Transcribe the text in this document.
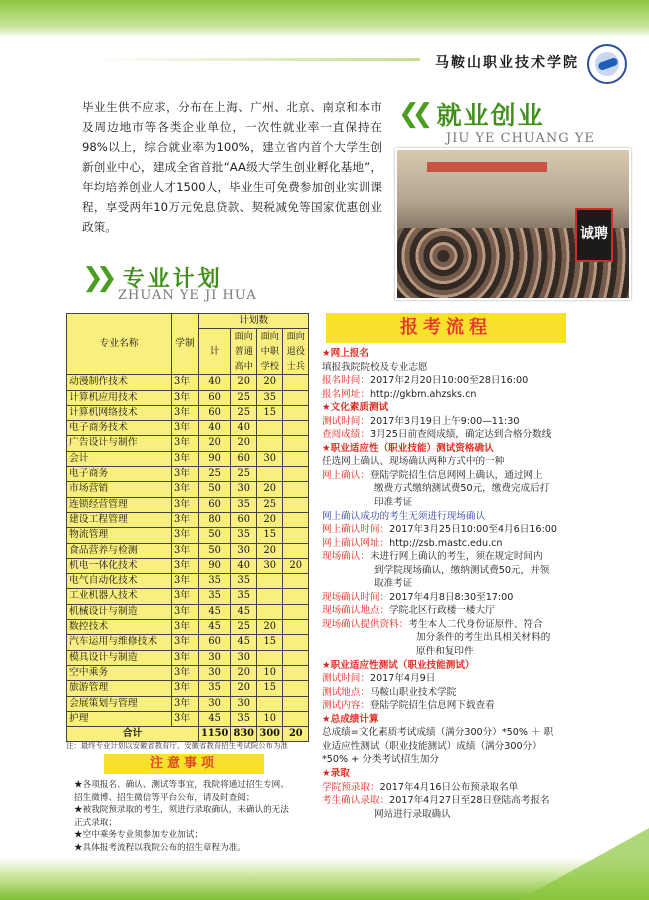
马鞍山职业技术学院
毕业生供不应求，分布在上海、广州、北京、南京和本市及周边地市等各类企业单位，一次性就业率一直保持在98%以上，综合就业率为100%，建立省内首个大学生创新创业中心，建成全省首批“AA级大学生创业孵化基地”，年均培养创业人才1500人，毕业生可免费参加创业实训课程，享受两年10万元免息贷款、契税减免等国家优惠创业政策。
❮❮ 就业创业
JIU YE CHUANG YE
诚聘
❯❯ 专业计划
ZHUAN YE JI HUA
专业名称	学制	计划数			
		计	面向普通高中	面向中职学校	面向退役士兵
动漫制作技术	3年	40	20	20	
计算机应用技术	3年	60	25	35	
计算机网络技术	3年	60	25	15	
电子商务技术	3年	40	40		
广告设计与制作	3年	20	20		
会计	3年	90	60	30	
电子商务	3年	25	25		
市场营销	3年	50	30	20	
连锁经营管理	3年	60	35	25	
建设工程管理	3年	80	60	20	
物流管理	3年	50	35	15	
食品营养与检测	3年	50	30	20	
机电一体化技术	3年	90	40	30	20
电气自动化技术	3年	35	35		
工业机器人技术	3年	35	35		
机械设计与制造	3年	45	45		
数控技术	3年	45	25	20	
汽车运用与维修技术	3年	60	45	15	
模具设计与制造	3年	30	30		
空中乘务	3年	30	20	10	
旅游管理	3年	35	20	15	
会展策划与管理	3年	30	30		
护理	3年	45	35	10	
合计		1150	830	300	20
注：最终专业计划以安徽省教育厅、安徽省教育招生考试院公布为准
注意事项

★各项报名、确认、测试等事宜，我院将通过招生专网、招生微博、招生微信等平台公布，请及时查阅；

★被我院预录取的考生，须进行录取确认，未确认的无法正式录取；

★空中乘务专业须参加专业加试；

★具体报考流程以我院公布的招生章程为准。

报考流程

★网上报名

填报我院院校及专业志愿

报名时间：2017年2月20日10:00至28日16:00

报名网址：http://gkbm.ahzsks.cn

★文化素质测试

测试时间：2017年3月19日上午9:00—11:30

查阅成绩：3月25日前查阅成绩，确定达到合格分数线

★职业适应性（职业技能）测试资格确认

任选网上确认、现场确认两种方式中的一种

网上确认：登陆学院招生信息网网上确认，通过网上

缴费方式缴纳测试费50元，缴费完成后打

印准考证

网上确认成功的考生无须进行现场确认

网上确认时间：2017年3月25日10:00至4月6日16:00

网上确认网址：http://zsb.mastc.edu.cn

现场确认：未进行网上确认的考生，须在规定时间内

到学院现场确认，缴纳测试费50元，并领

取准考证

现场确认时间：2017年4月8日8:30至17:00

现场确认地点：学院北区行政楼一楼大厅

现场确认提供资料：考生本人二代身份证原件、符合

加分条件的考生出具相关材料的

原件和复印件

★职业适应性测试（职业技能测试）

测试时间：2017年4月9日

测试地点：马鞍山职业技术学院

测试内容：登陆学院招生信息网下载查看

★总成绩计算

总成绩=文化素质考试成绩（满分300分）*50% ＋ 职

业适应性测试（职业技能测试）成绩（满分300分）

*50% + 分类考试招生加分

★录取

学院预录取：2017年4月16日公布预录取名单

考生确认录取：2017年4月27日至28日登陆高考报名

网站进行录取确认
